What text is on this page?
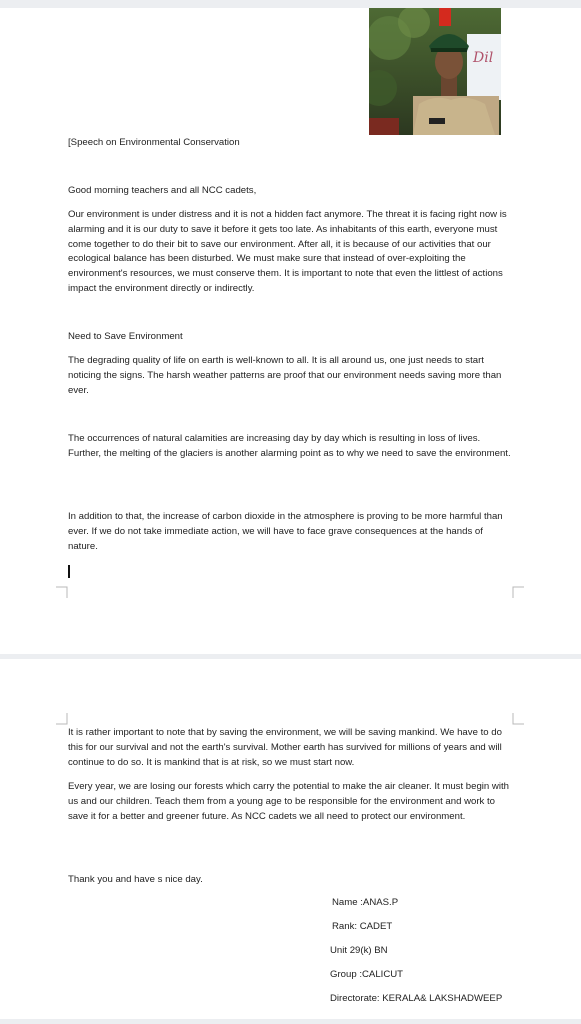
Dil

[Speech on Environmental Conservation

Good morning teachers and all NCC cadets,

Our environment is under distress and it is not a hidden fact anymore. The threat it is facing right now is alarming and it is our duty to save it before it gets too late. As inhabitants of this earth, everyone must come together to do their bit to save our environment. After all, it is because of our activities that our ecological balance has been disturbed. We must make sure that instead of over-exploiting the environment's resources, we must conserve them. It is important to note that even the littlest of actions impact the environment directly or indirectly.

Need to Save Environment

The degrading quality of life on earth is well-known to all. It is all around us, one just needs to start noticing the signs. The harsh weather patterns are proof that our environment needs saving more than ever.

The occurrences of natural calamities are increasing day by day which is resulting in loss of lives. Further, the melting of the glaciers is another alarming point as to why we need to save the environment.

In addition to that, the increase of carbon dioxide in the atmosphere is proving to be more harmful than ever. If we do not take immediate action, we will have to face grave consequences at the hands of nature.

It is rather important to note that by saving the environment, we will be saving mankind. We have to do this for our survival and not the earth's survival. Mother earth has survived for millions of years and will continue to do so. It is mankind that is at risk, so we must start now.

Every year, we are losing our forests which carry the potential to make the air cleaner. It must begin with us and our children. Teach them from a young age to be responsible for the environment and work to save it for a better and greener future. As NCC cadets we all need to protect our environment.

Thank you and have s nice day.

Name :ANAS.P

Rank: CADET

Unit 29(k) BN

Group :CALICUT

Directorate: KERALA& LAKSHADWEEP
